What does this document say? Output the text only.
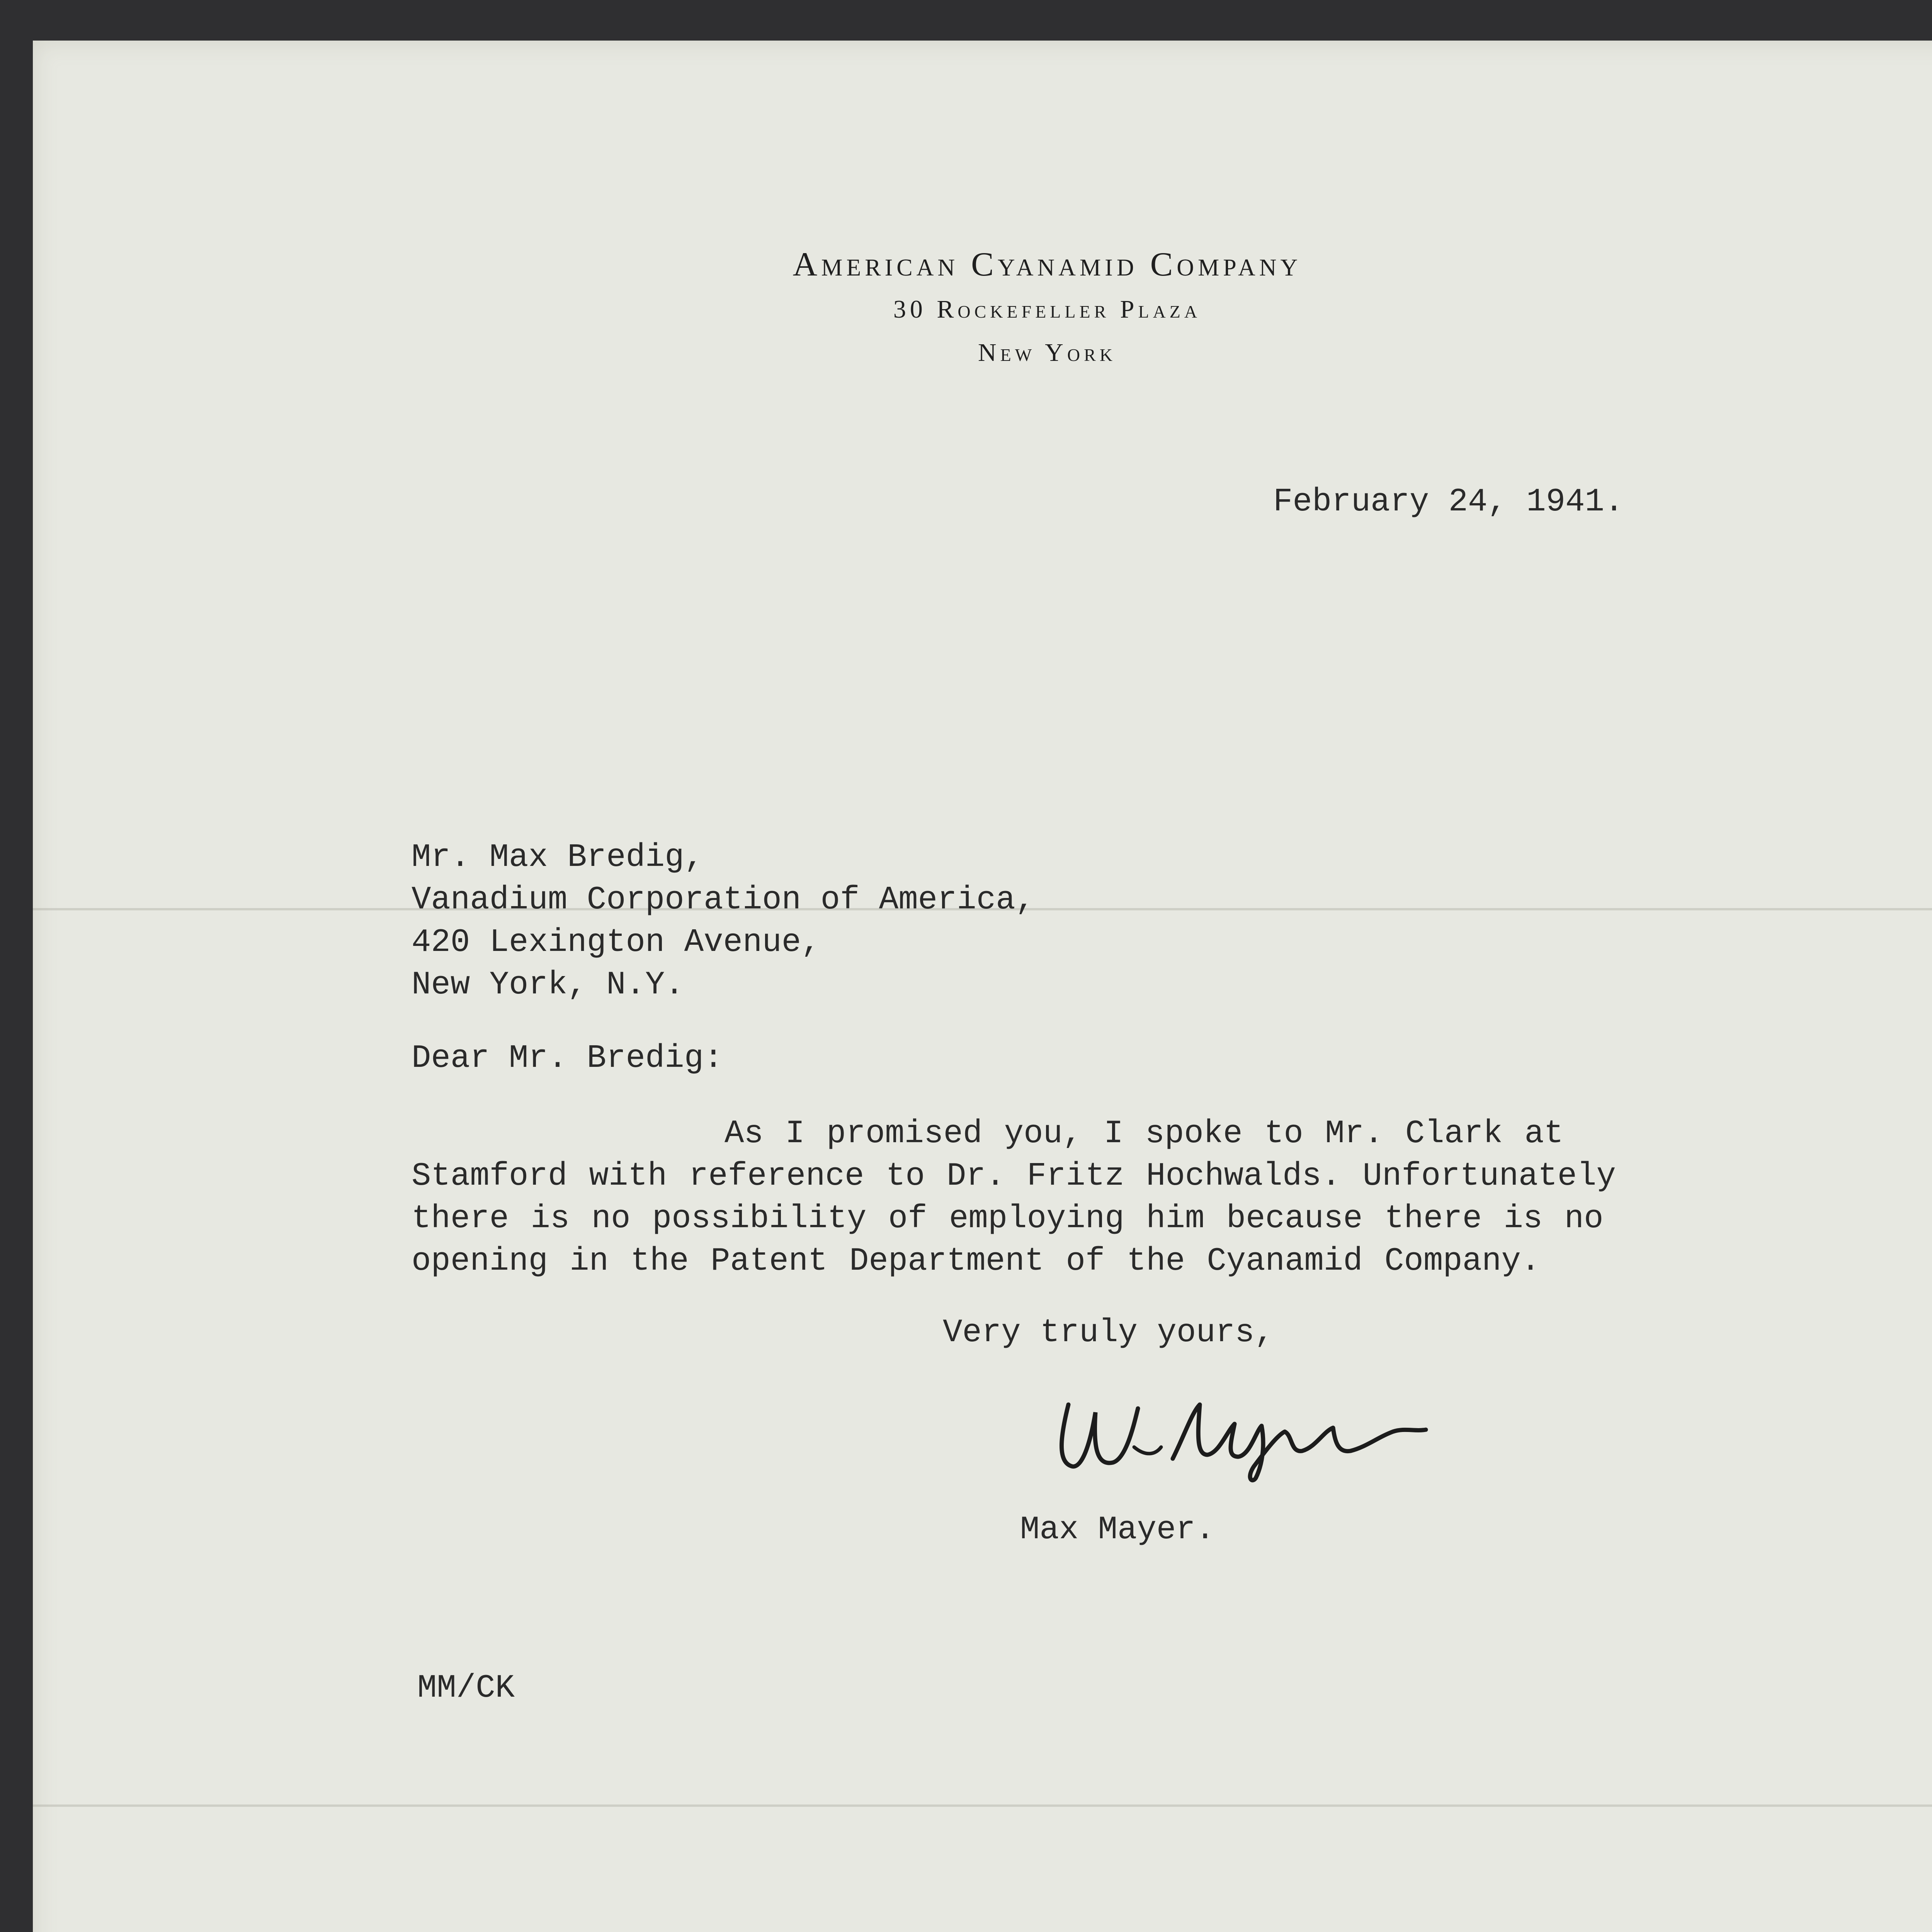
American Cyanamid Company
30 Rockefeller Plaza
New York
February 24, 1941.
Mr. Max Bredig,
Vanadium Corporation of America,
420 Lexington Avenue,
New York, N.Y.
Dear Mr. Bredig:
As I promised you, I spoke to Mr. Clark at Stamford with reference to Dr. Fritz Hochwalds. Unfortunately there is no possibility of employing him because there is no opening in the Patent Department of the Cyanamid Company.
Very truly yours,
Max Mayer.
MM/CK
